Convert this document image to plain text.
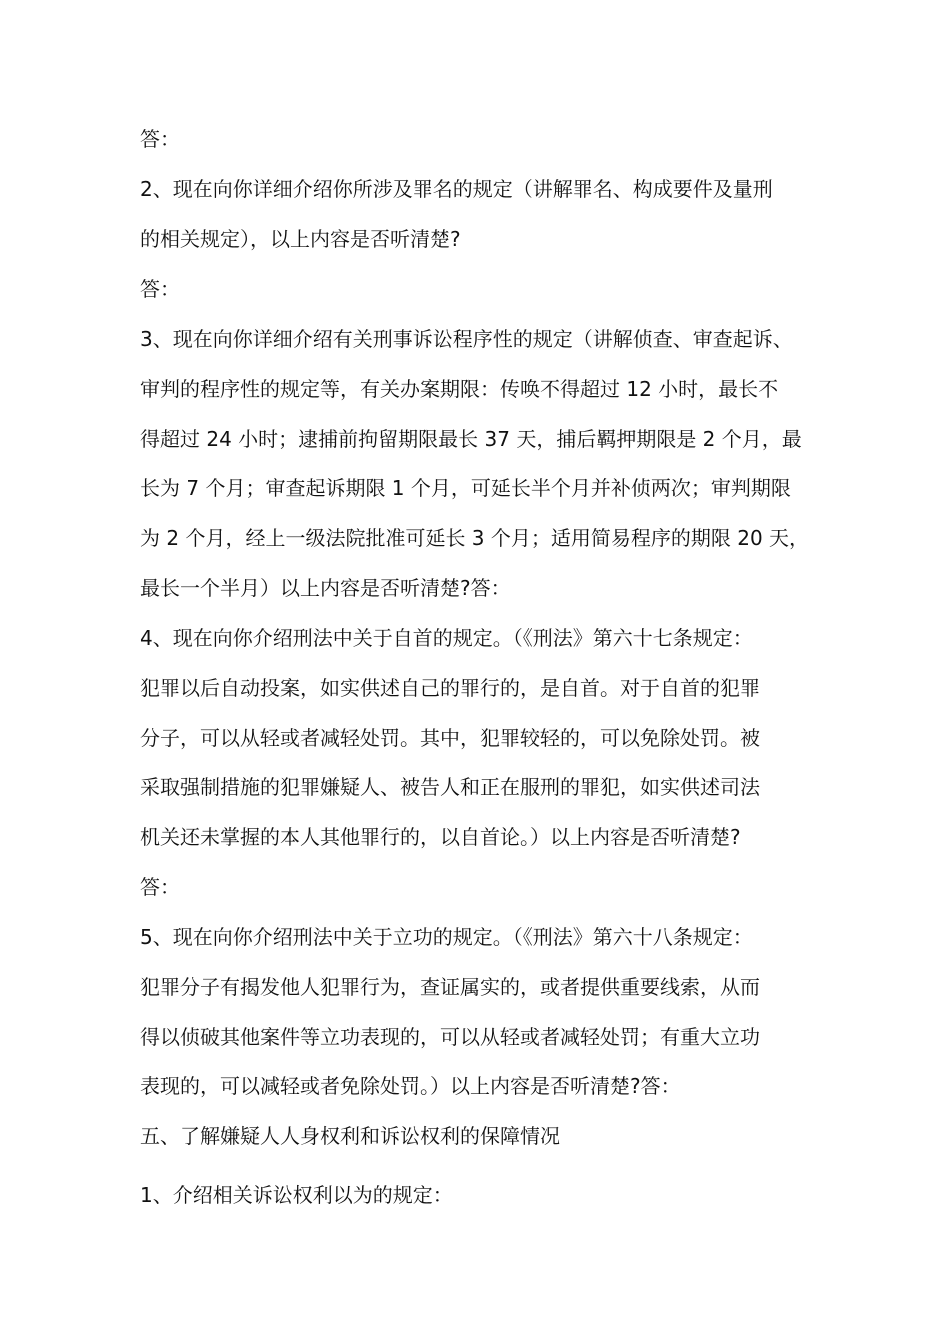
答：
2、现在向你详细介绍你所涉及罪名的规定（讲解罪名、构成要件及量刑
的相关规定），以上内容是否听清楚?
答：
3、现在向你详细介绍有关刑事诉讼程序性的规定（讲解侦查、审查起诉、
审判的程序性的规定等，有关办案期限：传唤不得超过 12 小时，最长不
得超过 24 小时；逮捕前拘留期限最长 37 天，捕后羁押期限是 2 个月，最
长为 7 个月；审查起诉期限 1 个月，可延长半个月并补侦两次；审判期限
为 2 个月，经上一级法院批准可延长 3 个月；适用简易程序的期限 20 天，
最长一个半月）以上内容是否听清楚?答：
4、现在向你介绍刑法中关于自首的规定。（《刑法》第六十七条规定：
犯罪以后自动投案，如实供述自己的罪行的，是自首。对于自首的犯罪
分子，可以从轻或者减轻处罚。其中，犯罪较轻的，可以免除处罚。被
采取强制措施的犯罪嫌疑人、被告人和正在服刑的罪犯，如实供述司法
机关还未掌握的本人其他罪行的，以自首论。）以上内容是否听清楚?
答：
5、现在向你介绍刑法中关于立功的规定。（《刑法》第六十八条规定：
犯罪分子有揭发他人犯罪行为，查证属实的，或者提供重要线索，从而
得以侦破其他案件等立功表现的，可以从轻或者减轻处罚；有重大立功
表现的，可以减轻或者免除处罚。）以上内容是否听清楚?答：
五、了解嫌疑人人身权利和诉讼权利的保障情况
1、介绍相关诉讼权利以为的规定：
